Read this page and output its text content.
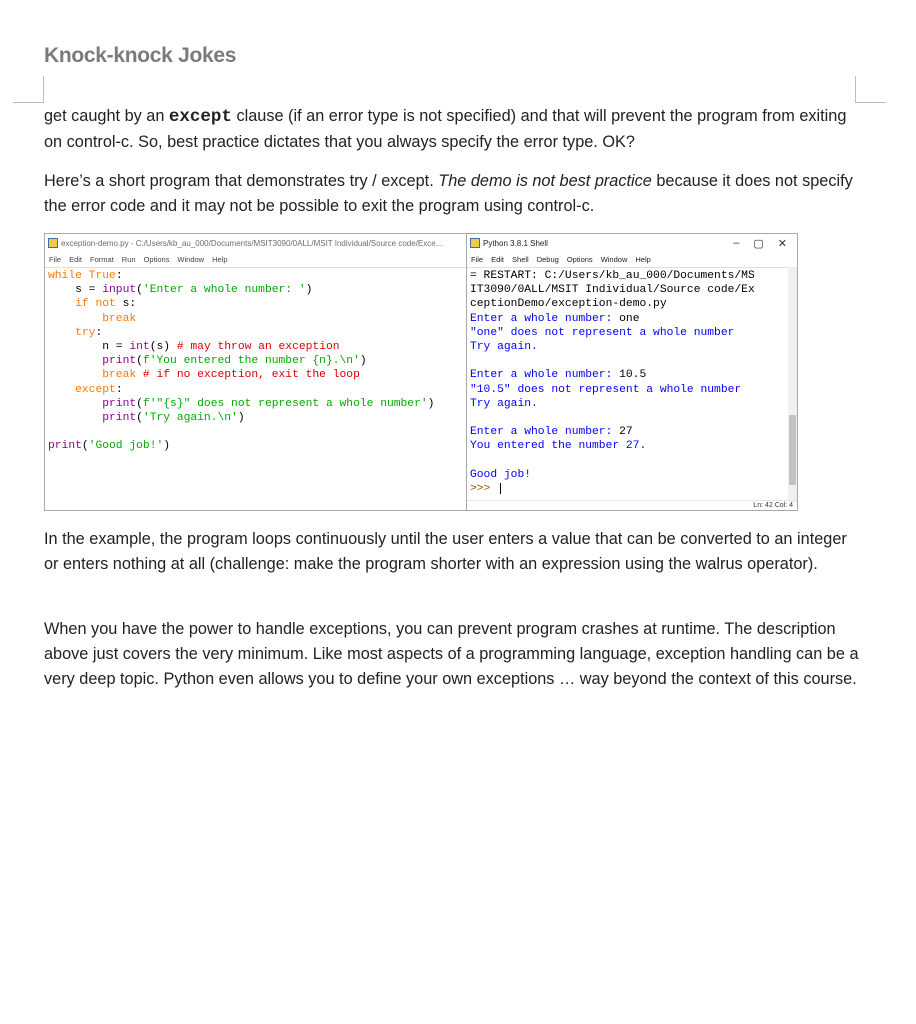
Knock-knock Jokes
get caught by an except clause (if an error type is not specified) and that will prevent the program from exiting on control-c. So, best practice dictates that you always specify the error type. OK?
Here’s a short program that demonstrates try / except. The demo is not best practice because it does not specify the error code and it may not be possible to exit the program using control-c.
exception-demo.py - C:/Users/kb_au_000/Documents/MSIT3090/0ALL/MSIT Individual/Source code/Exce...
File Edit Format Run Options Window Help
while True:
s = input('Enter a whole number: ')
if not s:
break
try:
n = int(s) # may throw an exception
print(f'You entered the number {n}.\n')
break # if no exception, exit the loop
except:
print(f'"{s}" does not represent a whole number')
print('Try again.\n')

print('Good job!')
Python 3.8.1 Shell	– ▢ ✕
File Edit Shell Debug Options Window Help
= RESTART: C:/Users/kb_au_000/Documents/MS
IT3090/0ALL/MSIT Individual/Source code/Ex
ceptionDemo/exception-demo.py
Enter a whole number: one
"one" does not represent a whole number
Try again.

Enter a whole number: 10.5
"10.5" does not represent a whole number
Try again.

Enter a whole number: 27
You entered the number 27.

Good job!
>>>
Ln: 42 Col: 4
In the example, the program loops continuously until the user enters a value that can be converted to an integer or enters nothing at all (challenge: make the program shorter with an expression using the walrus operator).
When you have the power to handle exceptions, you can prevent program crashes at runtime. The description above just covers the very minimum. Like most aspects of a programming language, exception handling can be a very deep topic. Python even allows you to define your own exceptions … way beyond the context of this course.
